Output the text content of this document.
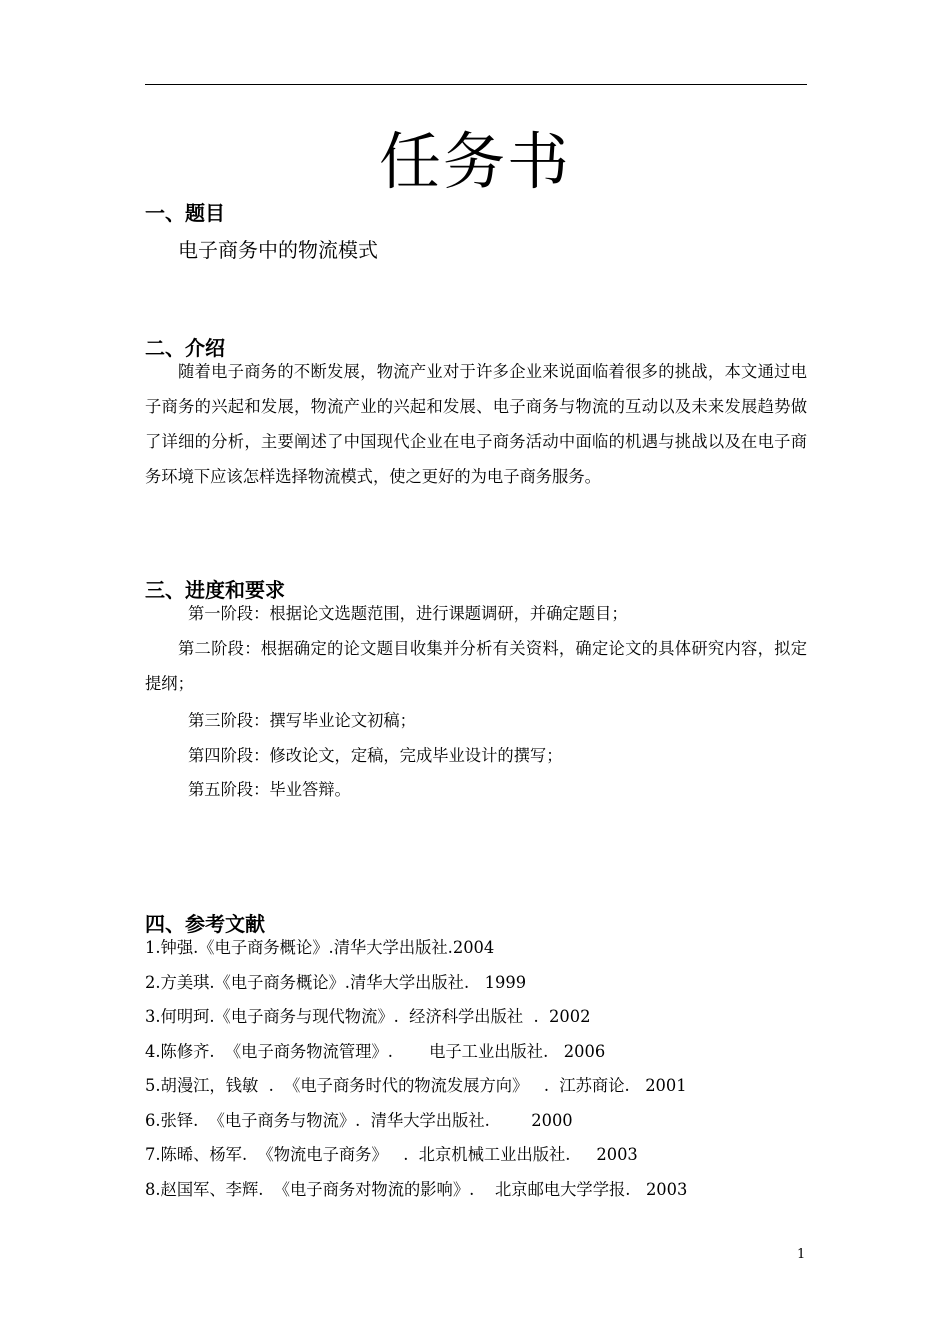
任务书
一、题目
电子商务中的物流模式
二、介绍
随着电子商务的不断发展，物流产业对于许多企业来说面临着很多的挑战，本文通过电子商务的兴起和发展，物流产业的兴起和发展、电子商务与物流的互动以及未来发展趋势做了详细的分析，主要阐述了中国现代企业在电子商务活动中面临的机遇与挑战以及在电子商务环境下应该怎样选择物流模式，使之更好的为电子商务服务。
三、进度和要求
第一阶段：根据论文选题范围，进行课题调研，并确定题目；
第二阶段：根据确定的论文题目收集并分析有关资料，确定论文的具体研究内容，拟定提纲；
第三阶段：撰写毕业论文初稿；
第四阶段：修改论文，定稿，完成毕业设计的撰写；
第五阶段：毕业答辩。
四、参考文献
1.钟强.《电子商务概论》.清华大学出版社.2004
2.方美琪.《电子商务概论》.清华大学出版社.   1999
3.何明珂.《电子商务与现代物流》.  经济科学出版社  .  2002
4.陈修齐.  《电子商务物流管理》.       电子工业出版社.   2006
5.胡漫江，钱敏  .  《电子商务时代的物流发展方向》   .  江苏商论.   2001
6.张铎.  《电子商务与物流》.  清华大学出版社.        2000
7.陈晞、杨军.  《物流电子商务》   .  北京机械工业出版社.     2003
8.赵国军、李辉.  《电子商务对物流的影响》.    北京邮电大学学报.   2003
1
